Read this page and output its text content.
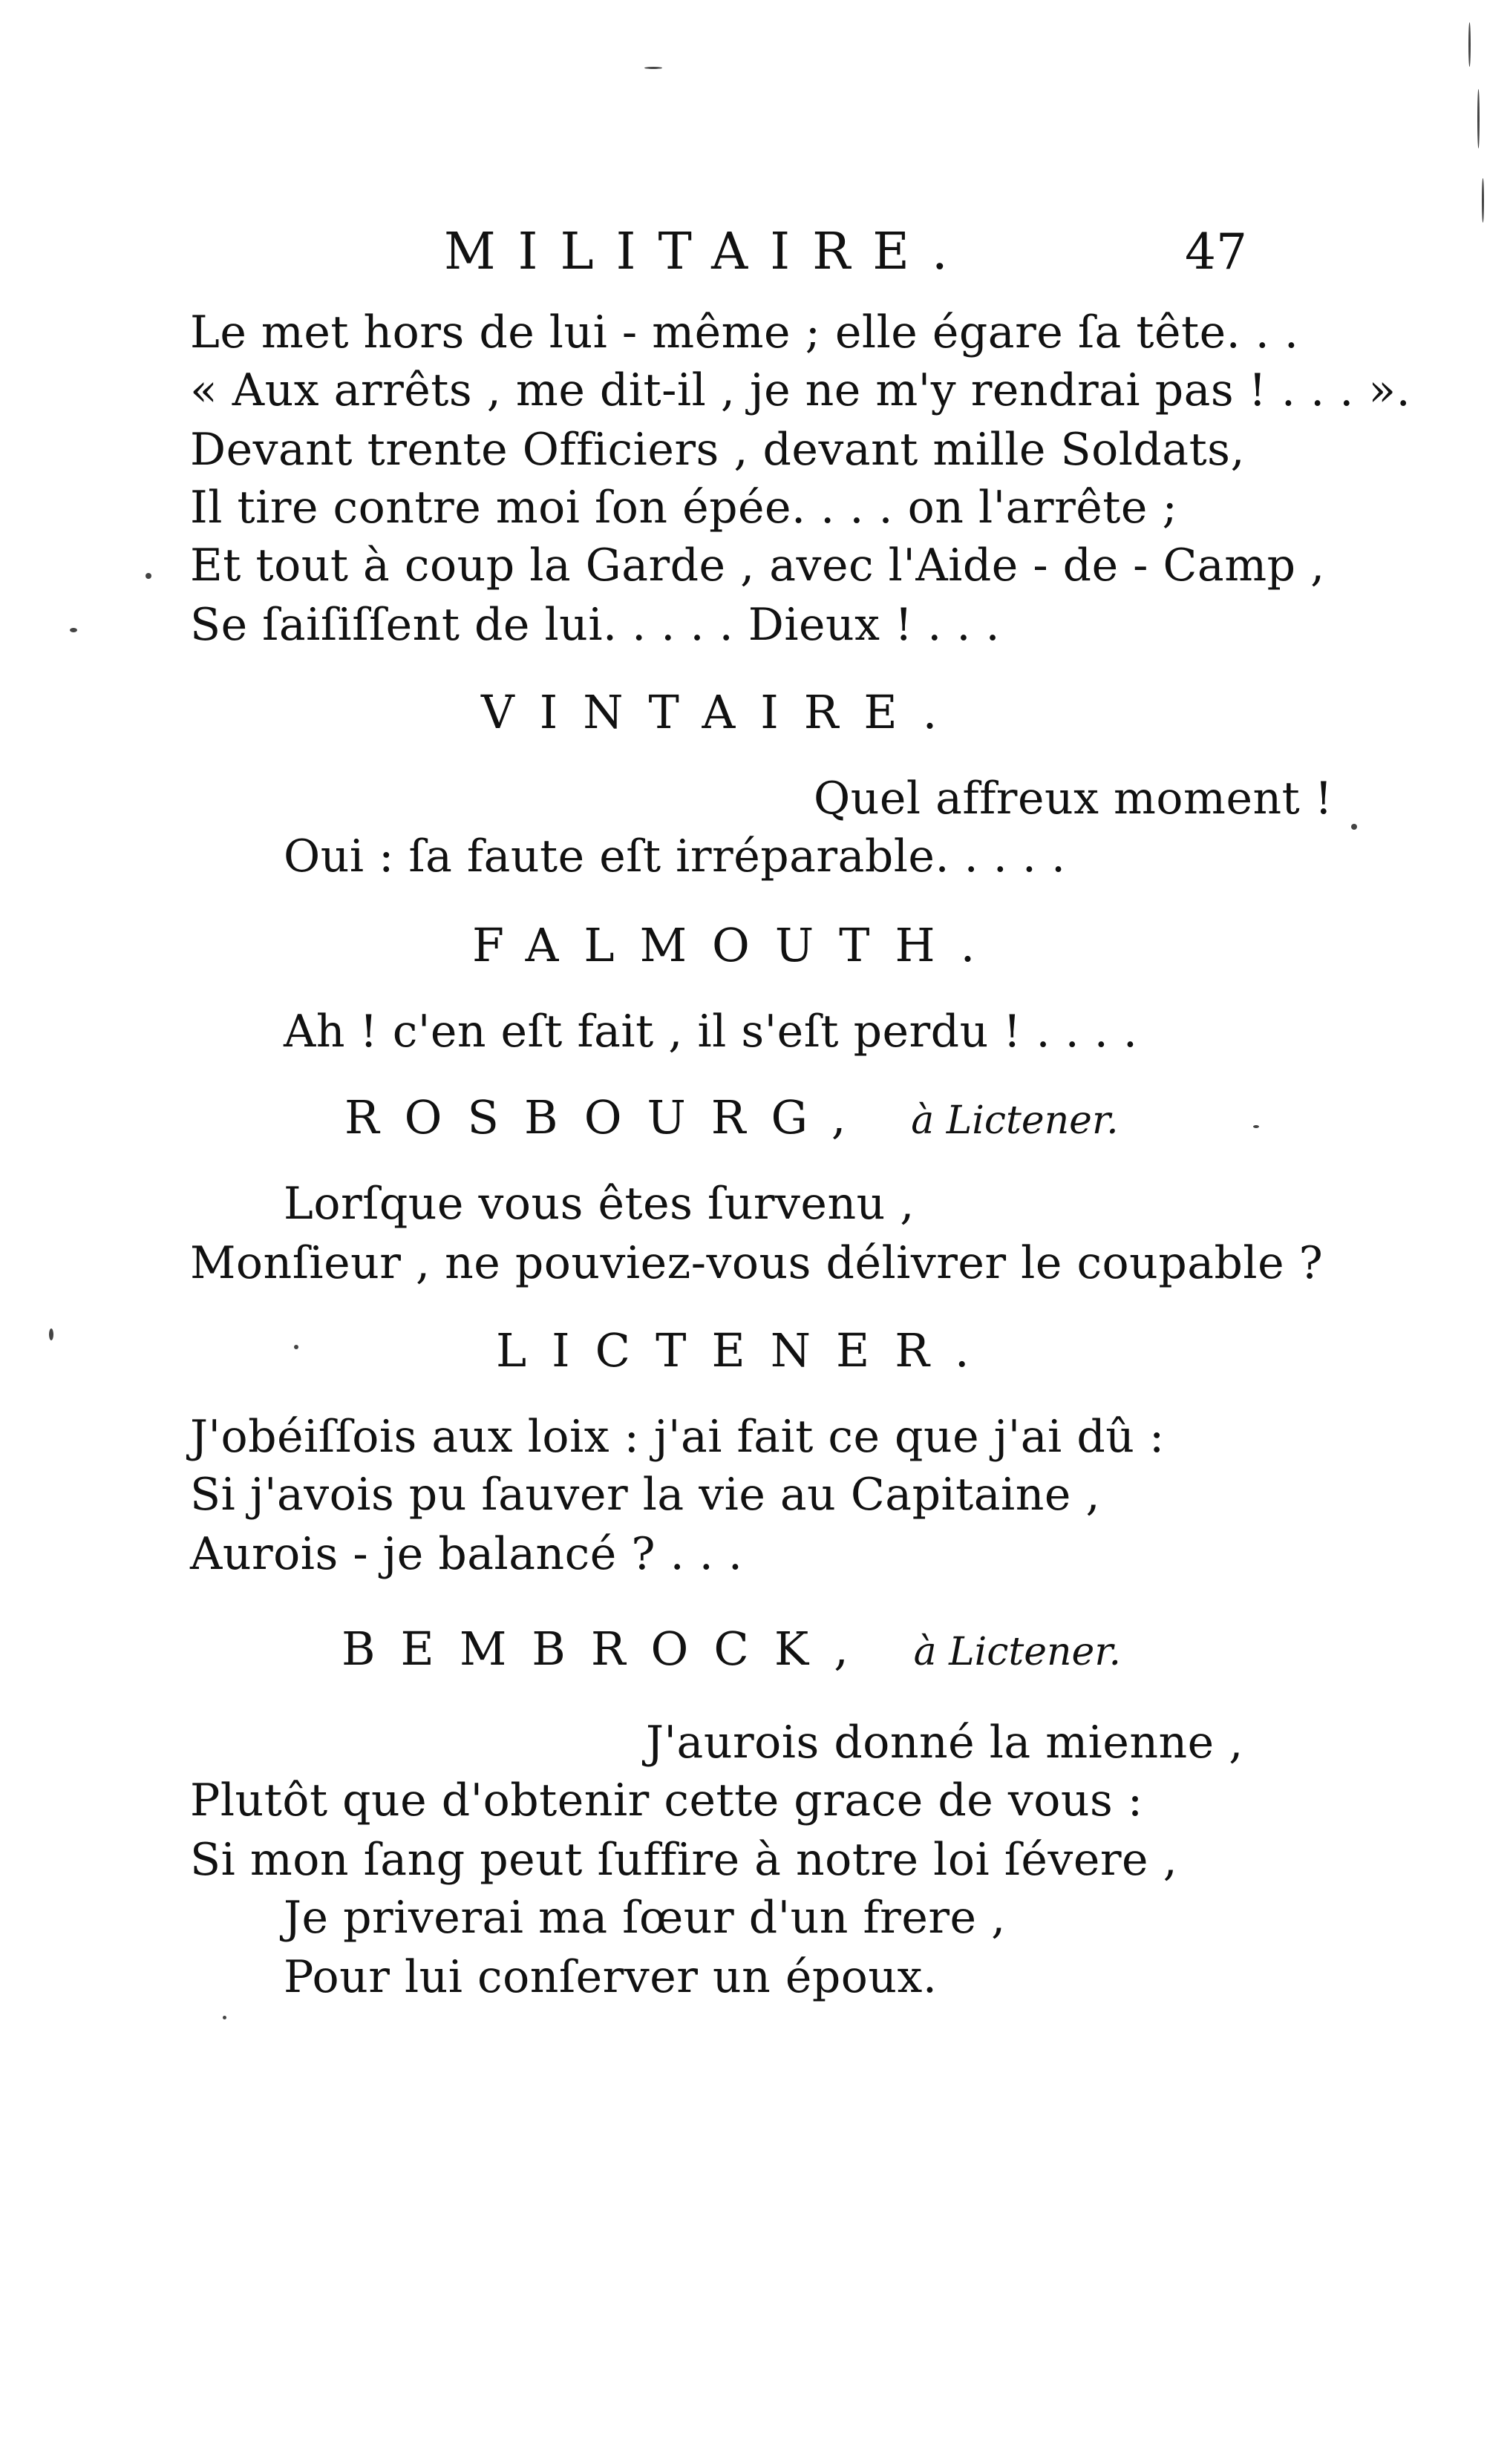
MILITAIRE.	47
Le met hors de lui - même ; elle égare ſa tête. . .
« Aux arrêts , me dit-il , je ne m'y rendrai pas ! . . . ».
Devant trente Officiers , devant mille Soldats,
Il tire contre moi ſon épée. . . . on l'arrête ;
Et tout à coup la Garde , avec l'Aide - de - Camp ,
Se ſaiſiſſent de lui. . . . . Dieux ! . . .
VINTAIRE.
Quel affreux moment !
Oui : ſa faute eſt irréparable. . . . .
FALMOUTH.
Ah ! c'en eſt fait , il s'eſt perdu ! . . . .
ROSBOURG, à Lictener.
Lorſque vous êtes ſurvenu ,
Monſieur , ne pouviez-vous délivrer le coupable ?
LICTENER.
J'obéiſſois aux loix : j'ai fait ce que j'ai dû :
Si j'avois pu ſauver la vie au Capitaine ,
Aurois - je balancé ? . . .
BEMBROCK, à Lictener.
J'aurois donné la mienne ,
Plutôt que d'obtenir cette grace de vous :
Si mon ſang peut ſuffire à notre loi ſévere ,
Je priverai ma ſœur d'un frere ,
Pour lui conſerver un époux.
